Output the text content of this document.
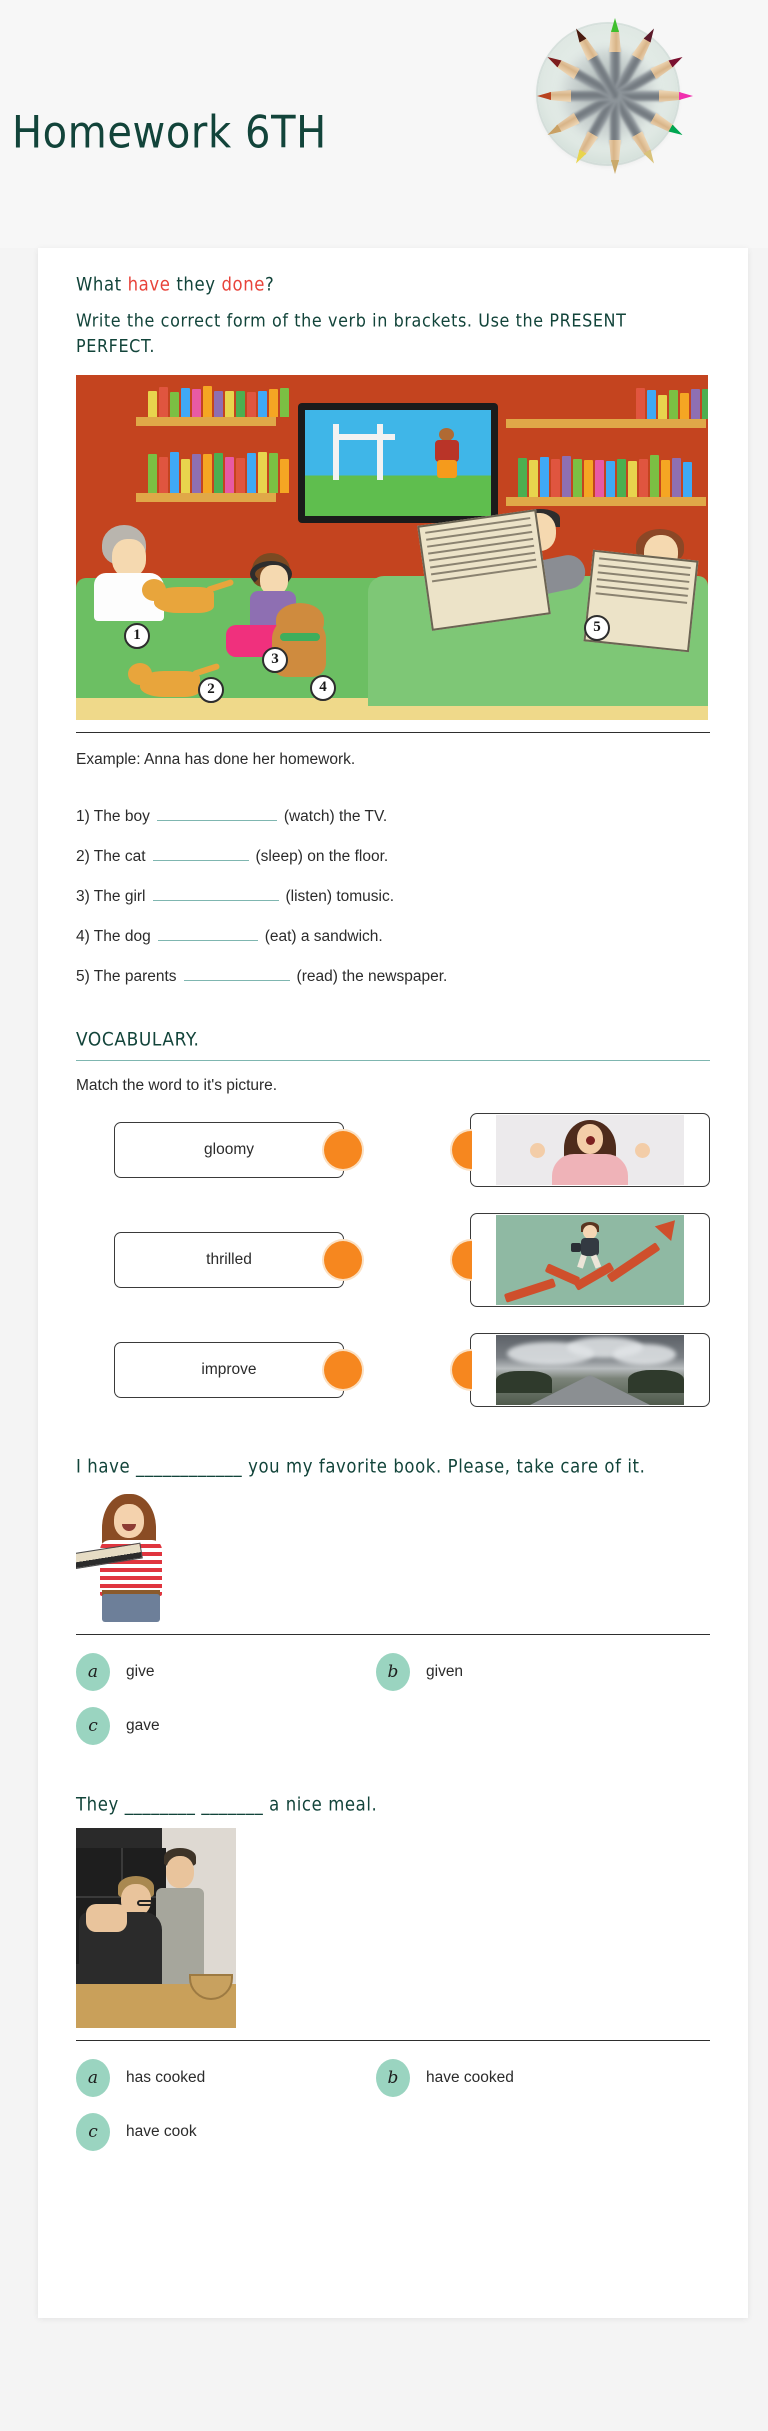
Homework 6TH
What have they done?
Write the correct form of the verb in brackets. Use the PRESENT PERFECT.
1
2
3
4
5
Example: Anna has done her homework.
1) The boy	(watch) the TV.
2) The cat	(sleep) on the floor.
3) The girl	(listen) tomusic.
4) The dog	(eat) a sandwich.
5) The parents	(read) the newspaper.
VOCABULARY.
Match the word to it's picture.
gloomy
thrilled
improve
I have ____________ you my favorite book. Please, take care of it.
a	give	b	given
c	gave
They ________ _______ a nice meal.
a	has cooked	b	have cooked
c	have cook
